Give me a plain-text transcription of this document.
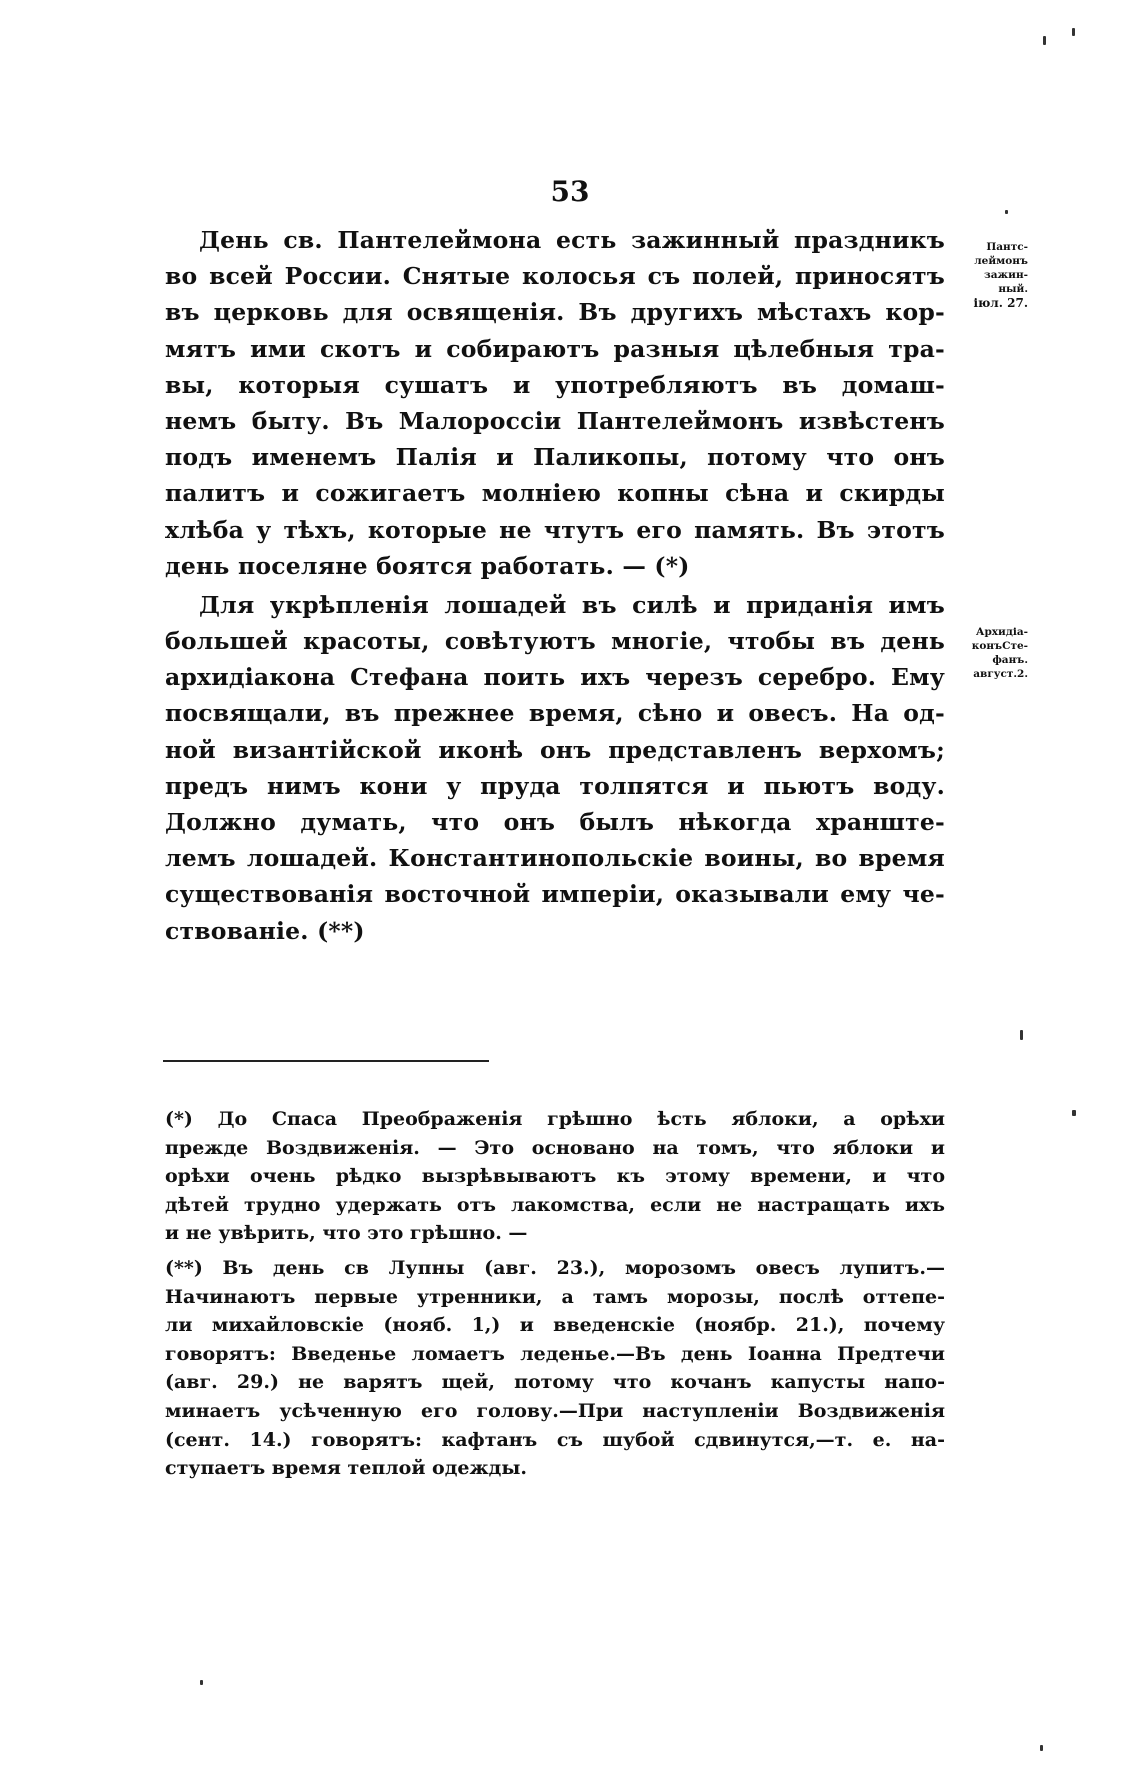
53
День св. Пантелеймона есть зажинный праздникъ
во всей России. Снятые колосья съ полей, приносятъ
въ церковь для освященія. Въ другихъ мѣстахъ кор-
мятъ ими скотъ и собираютъ разныя цѣлебныя тра-
вы, которыя сушатъ и употребляютъ въ домаш-
немъ быту. Въ Малороссіи Пантелеймонъ извѣстенъ
подъ именемъ Палія и Паликопы, потому что онъ
палитъ и сожигаетъ молніею копны сѣна и скирды
хлѣба у тѣхъ, которые не чтутъ его память. Въ этотъ
день поселяне боятся работать. — (*)
Для укрѣпленія лошадей въ силѣ и приданія имъ
большей красоты, совѣтуютъ многіе, чтобы въ день
архидіакона Стефана поить ихъ черезъ серебро. Ему
посвящали, въ прежнее время, сѣно и овесъ. На од-
ной византійской иконѣ онъ представленъ верхомъ;
предъ нимъ кони у пруда толпятся и пьютъ воду.
Должно думать, что онъ былъ нѣкогда хранште-
лемъ лошадей. Константинопольскіе воины, во время
существованія восточной имперіи, оказывали ему че-
ствованіе. (**)
Пантс-
леймонъ
зажин-
ный.
іюл. 27.
Архидіа-
конъСте-
фанъ.
август.2.
(*) До Спаса Преображенія грѣшно ѣсть яблоки, а орѣхи
прежде Воздвиженія. — Это основано на томъ, что яблоки и
орѣхи очень рѣдко вызрѣвываютъ къ этому времени, и что
дѣтей трудно удержать отъ лакомства, если не настращать ихъ
и не увѣрить, что это грѣшно. —
(**) Въ день св Лупны (авг. 23.), морозомъ овесъ лупитъ.—
Начинаютъ первые утренники, а тамъ морозы, послѣ оттепе-
ли михайловскіе (нояб. 1,) и введенскіе (ноябр. 21.), почему
говорятъ: Введенье ломаетъ леденье.—Въ день Іоанна Предтечи
(авг. 29.) не варятъ щей, потому что кочанъ капусты напо-
минаетъ усѣченную его голову.—При наступленіи Воздвиженія
(сент. 14.) говорятъ: кафтанъ съ шубой сдвинутся,—т. е. на-
ступаетъ время теплой одежды.
